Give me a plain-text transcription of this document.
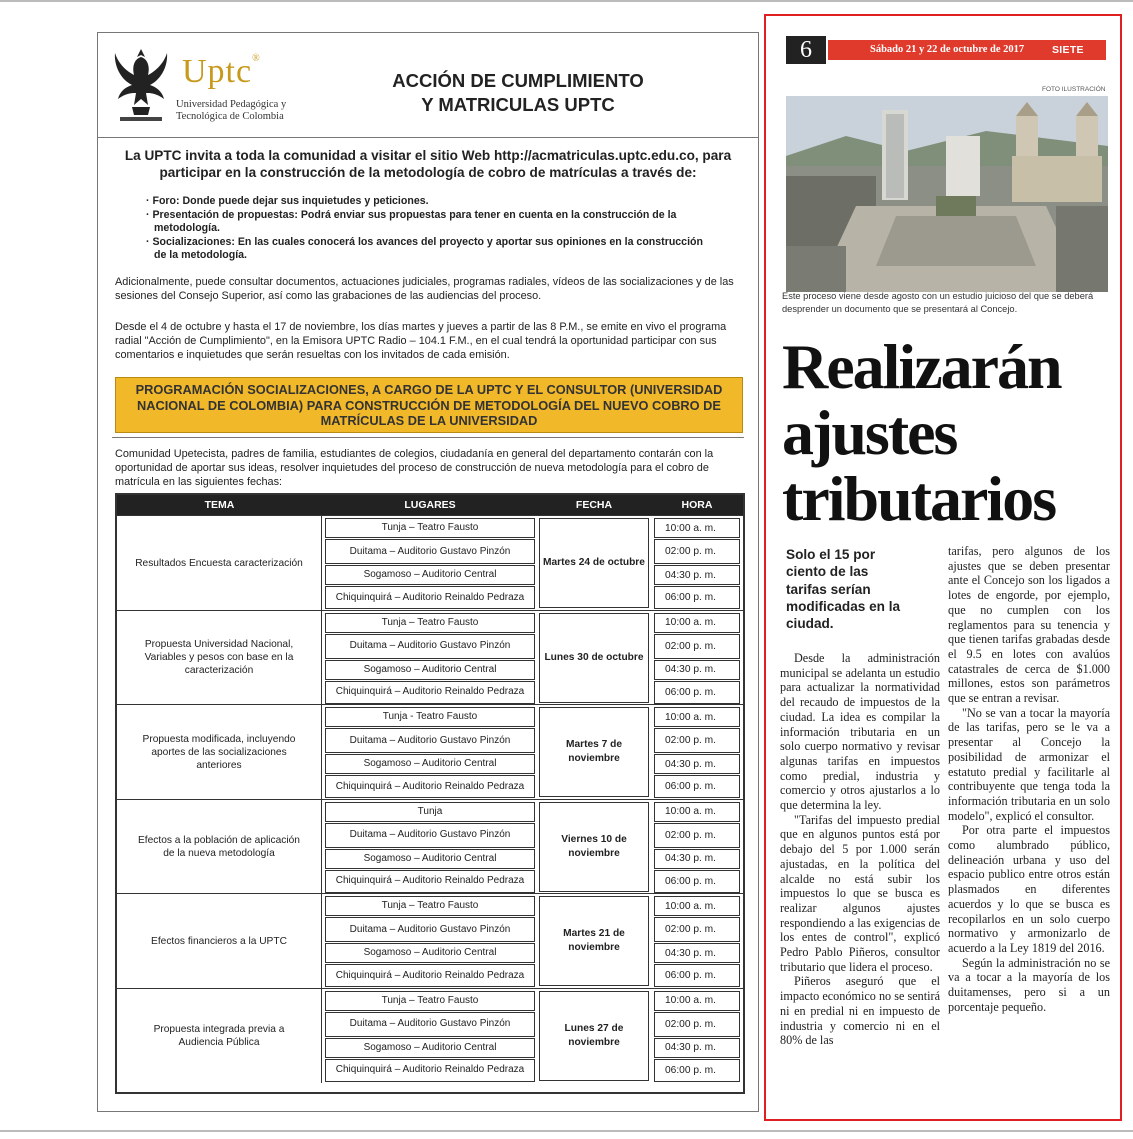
Uptc®
Universidad Pedagógica y
Tecnológica de Colombia
ACCIÓN DE CUMPLIMIENTO
Y MATRICULAS UPTC
La UPTC invita a toda la comunidad a visitar el sitio Web http://acmatriculas.uptc.edu.co, para participar en la construcción de la metodología de cobro de matrículas a través de:
· Foro: Donde puede dejar sus inquietudes y peticiones.
· Presentación de propuestas: Podrá enviar sus propuestas para tener en cuenta en la construcción de la metodología.
· Socializaciones: En las cuales conocerá los avances del proyecto y aportar sus opiniones en la construcción de la metodología.
Adicionalmente, puede consultar documentos, actuaciones judiciales, programas radiales, vídeos de las socializaciones y de las sesiones del Consejo Superior, así como las grabaciones de las audiencias del proceso.
Desde el 4 de octubre y hasta el 17 de noviembre, los días martes y jueves a partir de las 8 P.M., se emite en vivo el programa radial "Acción de Cumplimiento", en la Emisora UPTC Radio – 104.1 F.M., en el cual tendrá la oportunidad participar con sus comentarios e inquietudes que serán resueltas con los invitados de cada emisión.
PROGRAMACIÓN SOCIALIZACIONES, A CARGO DE LA UPTC Y EL CONSULTOR (UNIVERSIDAD NACIONAL DE COLOMBIA) PARA CONSTRUCCIÓN DE METODOLOGÍA DEL NUEVO COBRO DE MATRÍCULAS DE LA UNIVERSIDAD
Comunidad Upetecista, padres de familia, estudiantes de colegios, ciudadanía en general del departamento contarán con la oportunidad de aportar sus ideas, resolver inquietudes del proceso de construcción de nueva metodología para el cobro de matrícula en las siguientes fechas:
TEMA	LUGARES	FECHA	HORA
Resultados Encuesta caracterización
Tunja – Teatro Fausto	10:00 a. m.
Duitama – Auditorio Gustavo Pinzón	02:00 p. m.
Sogamoso – Auditorio Central	04:30 p. m.
Chiquinquirá – Auditorio Reinaldo Pedraza	06:00 p. m.
Martes 24 de octubre
Propuesta Universidad Nacional, Variables y pesos con base en la caracterización
Tunja – Teatro Fausto	10:00 a. m.
Duitama – Auditorio Gustavo Pinzón	02:00 p. m.
Sogamoso – Auditorio Central	04:30 p. m.
Chiquinquirá – Auditorio Reinaldo Pedraza	06:00 p. m.
Lunes 30 de octubre
Propuesta modificada, incluyendo aportes de las socializaciones anteriores
Tunja - Teatro Fausto	10:00 a. m.
Duitama – Auditorio Gustavo Pinzón	02:00 p. m.
Sogamoso – Auditorio Central	04:30 p. m.
Chiquinquirá – Auditorio Reinaldo Pedraza	06:00 p. m.
Martes 7 de noviembre
Efectos a la población de aplicación de la nueva metodología
Tunja	10:00 a. m.
Duitama – Auditorio Gustavo Pinzón	02:00 p. m.
Sogamoso – Auditorio Central	04:30 p. m.
Chiquinquirá – Auditorio Reinaldo Pedraza	06:00 p. m.
Viernes 10 de noviembre
Efectos financieros a la UPTC
Tunja – Teatro Fausto	10:00 a. m.
Duitama – Auditorio Gustavo Pinzón	02:00 p. m.
Sogamoso – Auditorio Central	04:30 p. m.
Chiquinquirá – Auditorio Reinaldo Pedraza	06:00 p. m.
Martes 21 de noviembre
Propuesta integrada previa a Audiencia Pública
Tunja – Teatro Fausto	10:00 a. m.
Duitama – Auditorio Gustavo Pinzón	02:00 p. m.
Sogamoso – Auditorio Central	04:30 p. m.
Chiquinquirá – Auditorio Reinaldo Pedraza	06:00 p. m.
Lunes 27 de noviembre
6	Sábado 21 y 22 de octubre de 2017	SIETE DÍAS
FOTO ILUSTRACIÓN
Este proceso viene desde agosto con un estudio juicioso del que se deberá desprender un documento que se presentará al Concejo.
Realizarán ajustes tributarios
Solo el 15 por ciento de las tarifas serían modificadas en la ciudad.

Desde la administración municipal se adelanta un estudio para actualizar la normatividad del recaudo de impuestos de la ciudad. La idea es compilar la información tributaria en un solo cuerpo normativo y revisar algunas tarifas en impuestos como predial, industria y comercio y otros ajustarlos a lo que determina la ley.

"Tarifas del impuesto predial que en algunos puntos está por debajo del 5 por 1.000 serán ajustadas, en la política del alcalde no está subir los impuestos lo que se busca es realizar algunos ajustes respondiendo a las exigencias de los entes de control", explicó Pedro Pablo Piñeros, consultor tributario que lidera el proceso.

Piñeros aseguró que el impacto económico no se sentirá ni en predial ni en impuesto de industria y comercio ni en el 80% de las

tarifas, pero algunos de los ajustes que se deben presentar ante el Concejo son los ligados a lotes de engorde, por ejemplo, que no cumplen con los reglamentos para su tenencia y que tienen tarifas grabadas desde el 9.5 en lotes con avalúos catastrales de cerca de $1.000 millones, estos son parámetros que se entran a revisar.

"No se van a tocar la mayoría de las tarifas, pero se le va a presentar al Concejo la posibilidad de armonizar el estatuto predial y facilitarle al contribuyente que tenga toda la información tributaria en un solo modelo", explicó el consultor.

Por otra parte el impuestos como alumbrado público, delineación urbana y uso del espacio publico entre otros están plasmados en diferentes acuerdos y lo que se busca es recopilarlos en un solo cuerpo normativo y armonizarlo de acuerdo a la Ley 1819 del 2016.

Según la administración no se va a tocar a la mayoría de los duitamenses, pero si a un porcentaje pequeño.
